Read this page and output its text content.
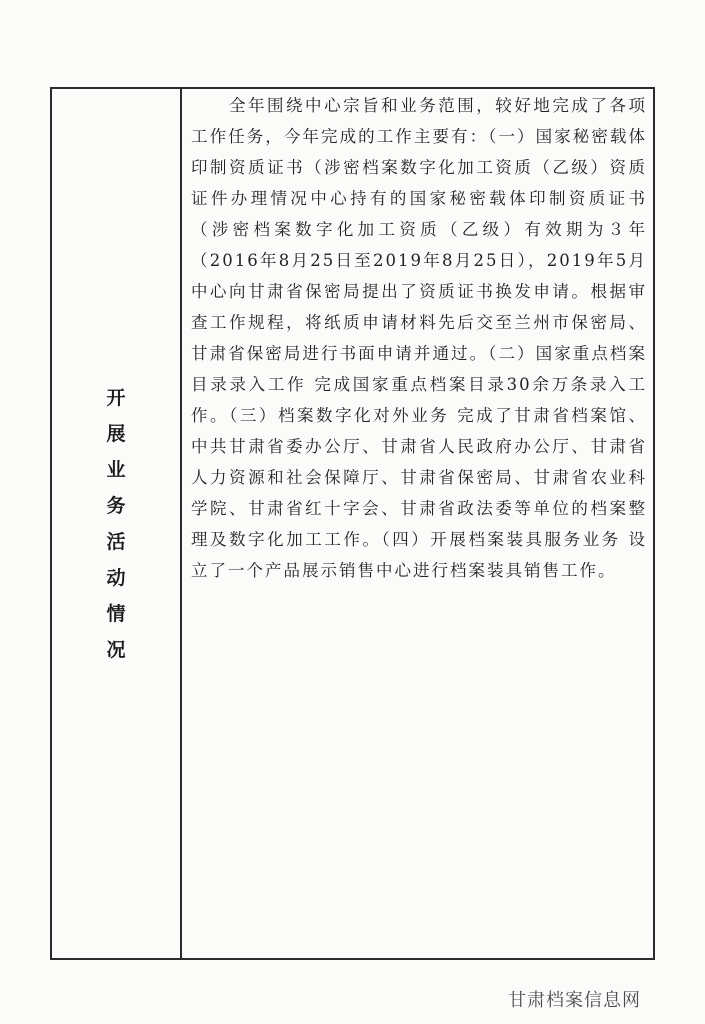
开展业务活动情况
全年围绕中心宗旨和业务范围，较好地完成了各项工作任务，今年完成的工作主要有：（一）国家秘密载体印制资质证书（涉密档案数字化加工资质（乙级）资质证件办理情况中心持有的国家秘密载体印制资质证书（涉密档案数字化加工资质（乙级）有效期为３年（2016年8月25日至2019年8月25日），2019年5月中心向甘肃省保密局提出了资质证书换发申请。根据审查工作规程，将纸质申请材料先后交至兰州市保密局、甘肃省保密局进行书面申请并通过。（二）国家重点档案目录录入工作 完成国家重点档案目录30余万条录入工作。（三）档案数字化对外业务 完成了甘肃省档案馆、中共甘肃省委办公厅、甘肃省人民政府办公厅、甘肃省人力资源和社会保障厅、甘肃省保密局、甘肃省农业科学院、甘肃省红十字会、甘肃省政法委等单位的档案整理及数字化加工工作。（四）开展档案装具服务业务 设立了一个产品展示销售中心进行档案装具销售工作。
甘肃档案信息网
